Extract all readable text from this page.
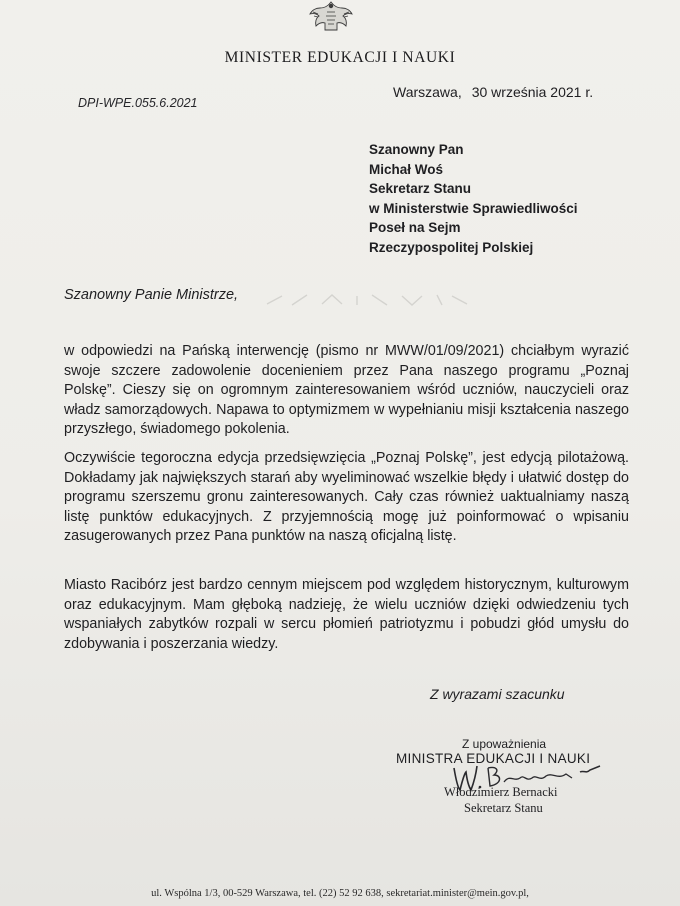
MINISTER EDUKACJI I NAUKI
DPI-WPE.055.6.2021
Warszawa, 30 września 2021 r.
Szanowny Pan
Michał Woś
Sekretarz Stanu
w Ministerstwie Sprawiedliwości
Poseł na Sejm
Rzeczypospolitej Polskiej
Szanowny Panie Ministrze,
w odpowiedzi na Pańską interwencję (pismo nr MWW/01/09/2021) chciałbym wyrazić swoje szczere zadowolenie docenieniem przez Pana naszego programu „Poznaj Polskę”. Cieszy się on ogromnym zainteresowaniem wśród uczniów, nauczycieli oraz władz samorządowych. Napawa to optymizmem w wypełnianiu misji kształcenia naszego przyszłego, świadomego pokolenia.
Oczywiście tegoroczna edycja przedsięwzięcia „Poznaj Polskę”, jest edycją pilotażową. Dokładamy jak największych starań aby wyeliminować wszelkie błędy i ułatwić dostęp do programu szerszemu gronu zainteresowanych. Cały czas również uaktualniamy naszą listę punktów edukacyjnych. Z przyjemnością mogę już poinformować o wpisaniu zasugerowanych przez Pana punktów na naszą oficjalną listę.
Miasto Racibórz jest bardzo cennym miejscem pod względem historycznym, kulturowym oraz edukacyjnym. Mam głęboką nadzieję, że wielu uczniów dzięki odwiedzeniu tych wspaniałych zabytków rozpali w sercu płomień patriotyzmu i pobudzi głód umysłu do zdobywania i poszerzania wiedzy.
Z wyrazami szacunku
Z upoważnienia
MINISTRA EDUKACJI I NAUKI
Włodzimierz Bernacki
Sekretarz Stanu
ul. Wspólna 1/3, 00-529 Warszawa, tel. (22) 52 92 638, sekretariat.minister@mein.gov.pl,
